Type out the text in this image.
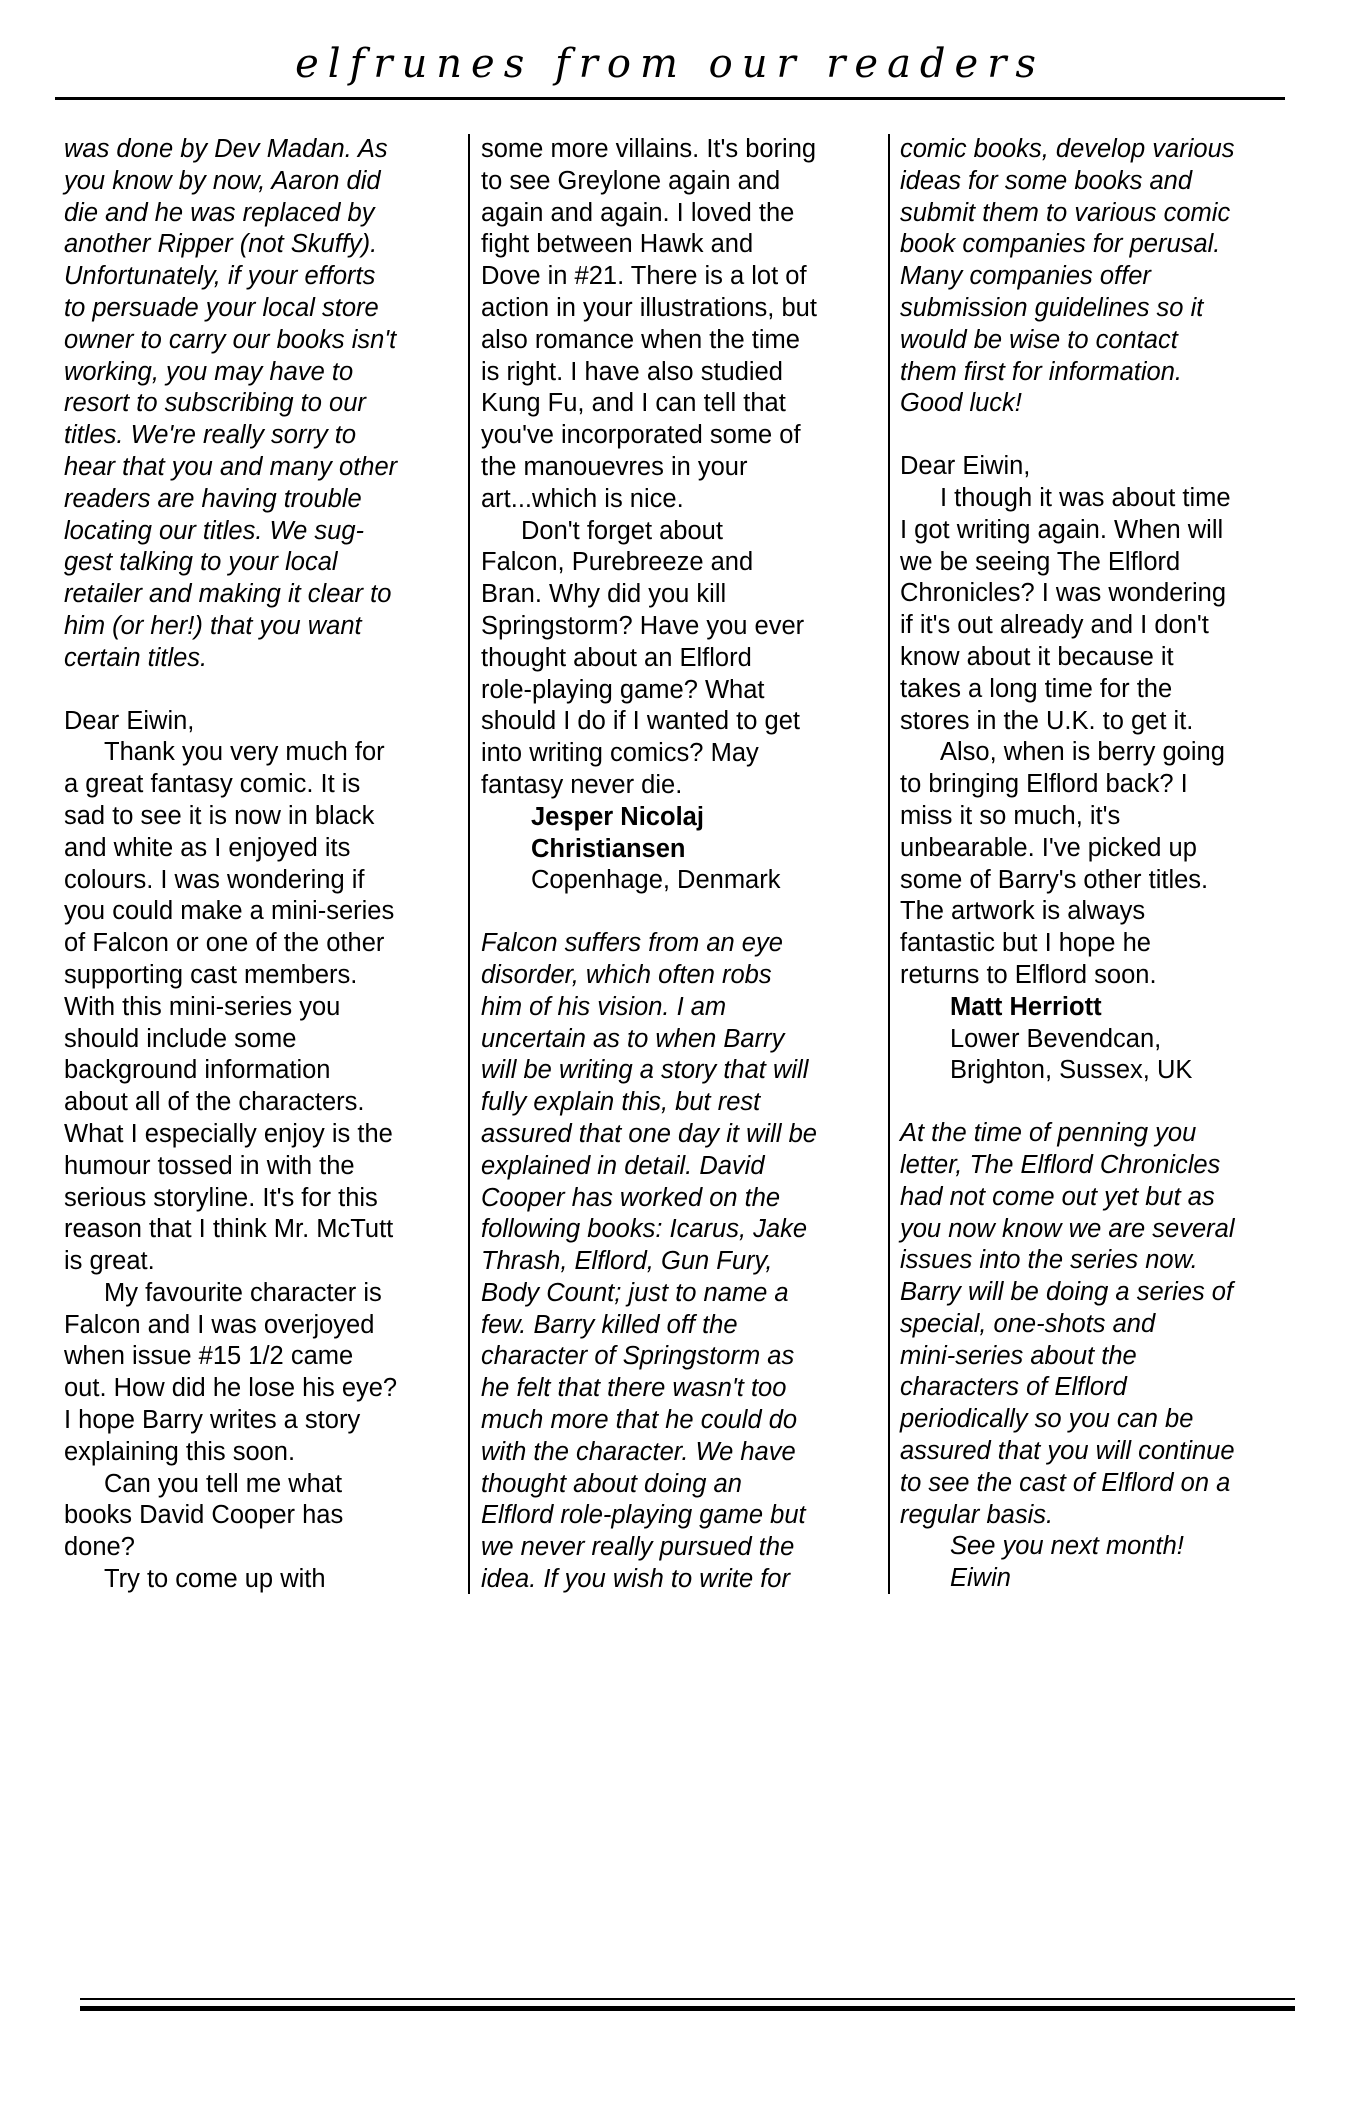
elfrunes from our readers

was done by Dev Madan. As

you know by now, Aaron did

die and he was replaced by

another Ripper (not Skuffy).

Unfortunately, if your efforts

to persuade your local store

owner to carry our books isn't

working, you may have to

resort to subscribing to our

titles. We're really sorry to

hear that you and many other

readers are having trouble

locating our titles. We sug-

gest talking to your local

retailer and making it clear to

him (or her!) that you want

certain titles.

Dear Eiwin,

Thank you very much for

a great fantasy comic. It is

sad to see it is now in black

and white as I enjoyed its

colours. I was wondering if

you could make a mini-series

of Falcon or one of the other

supporting cast members.

With this mini-series you

should include some

background information

about all of the characters.

What I especially enjoy is the

humour tossed in with the

serious storyline. It's for this

reason that I think Mr. McTutt

is great.

My favourite character is

Falcon and I was overjoyed

when issue #15 1/2 came

out. How did he lose his eye?

I hope Barry writes a story

explaining this soon.

Can you tell me what

books David Cooper has

done?

Try to come up with

some more villains. It's boring

to see Greylone again and

again and again. I loved the

fight between Hawk and

Dove in #21. There is a lot of

action in your illustrations, but

also romance when the time

is right. I have also studied

Kung Fu, and I can tell that

you've incorporated some of

the manouevres in your

art...which is nice.

Don't forget about

Falcon, Purebreeze and

Bran. Why did you kill

Springstorm? Have you ever

thought about an Elflord

role-playing game? What

should I do if I wanted to get

into writing comics? May

fantasy never die.

Jesper Nicolaj

Christiansen

Copenhage, Denmark

Falcon suffers from an eye

disorder, which often robs

him of his vision. I am

uncertain as to when Barry

will be writing a story that will

fully explain this, but rest

assured that one day it will be

explained in detail. David

Cooper has worked on the

following books: Icarus, Jake

Thrash, Elflord, Gun Fury,

Body Count; just to name a

few. Barry killed off the

character of Springstorm as

he felt that there wasn't too

much more that he could do

with the character. We have

thought about doing an

Elflord role-playing game but

we never really pursued the

idea. If you wish to write for

comic books, develop various

ideas for some books and

submit them to various comic

book companies for perusal.

Many companies offer

submission guidelines so it

would be wise to contact

them first for information.

Good luck!

Dear Eiwin,

I though it was about time

I got writing again. When will

we be seeing The Elflord

Chronicles? I was wondering

if it's out already and I don't

know about it because it

takes a long time for the

stores in the U.K. to get it.

Also, when is berry going

to bringing Elflord back? I

miss it so much, it's

unbearable. I've picked up

some of Barry's other titles.

The artwork is always

fantastic but I hope he

returns to Elflord soon.

Matt Herriott

Lower Bevendcan,

Brighton, Sussex, UK

At the time of penning you

letter, The Elflord Chronicles

had not come out yet but as

you now know we are several

issues into the series now.

Barry will be doing a series of

special, one-shots and

mini-series about the

characters of Elflord

periodically so you can be

assured that you will continue

to see the cast of Elflord on a

regular basis.

See you next month!

Eiwin
